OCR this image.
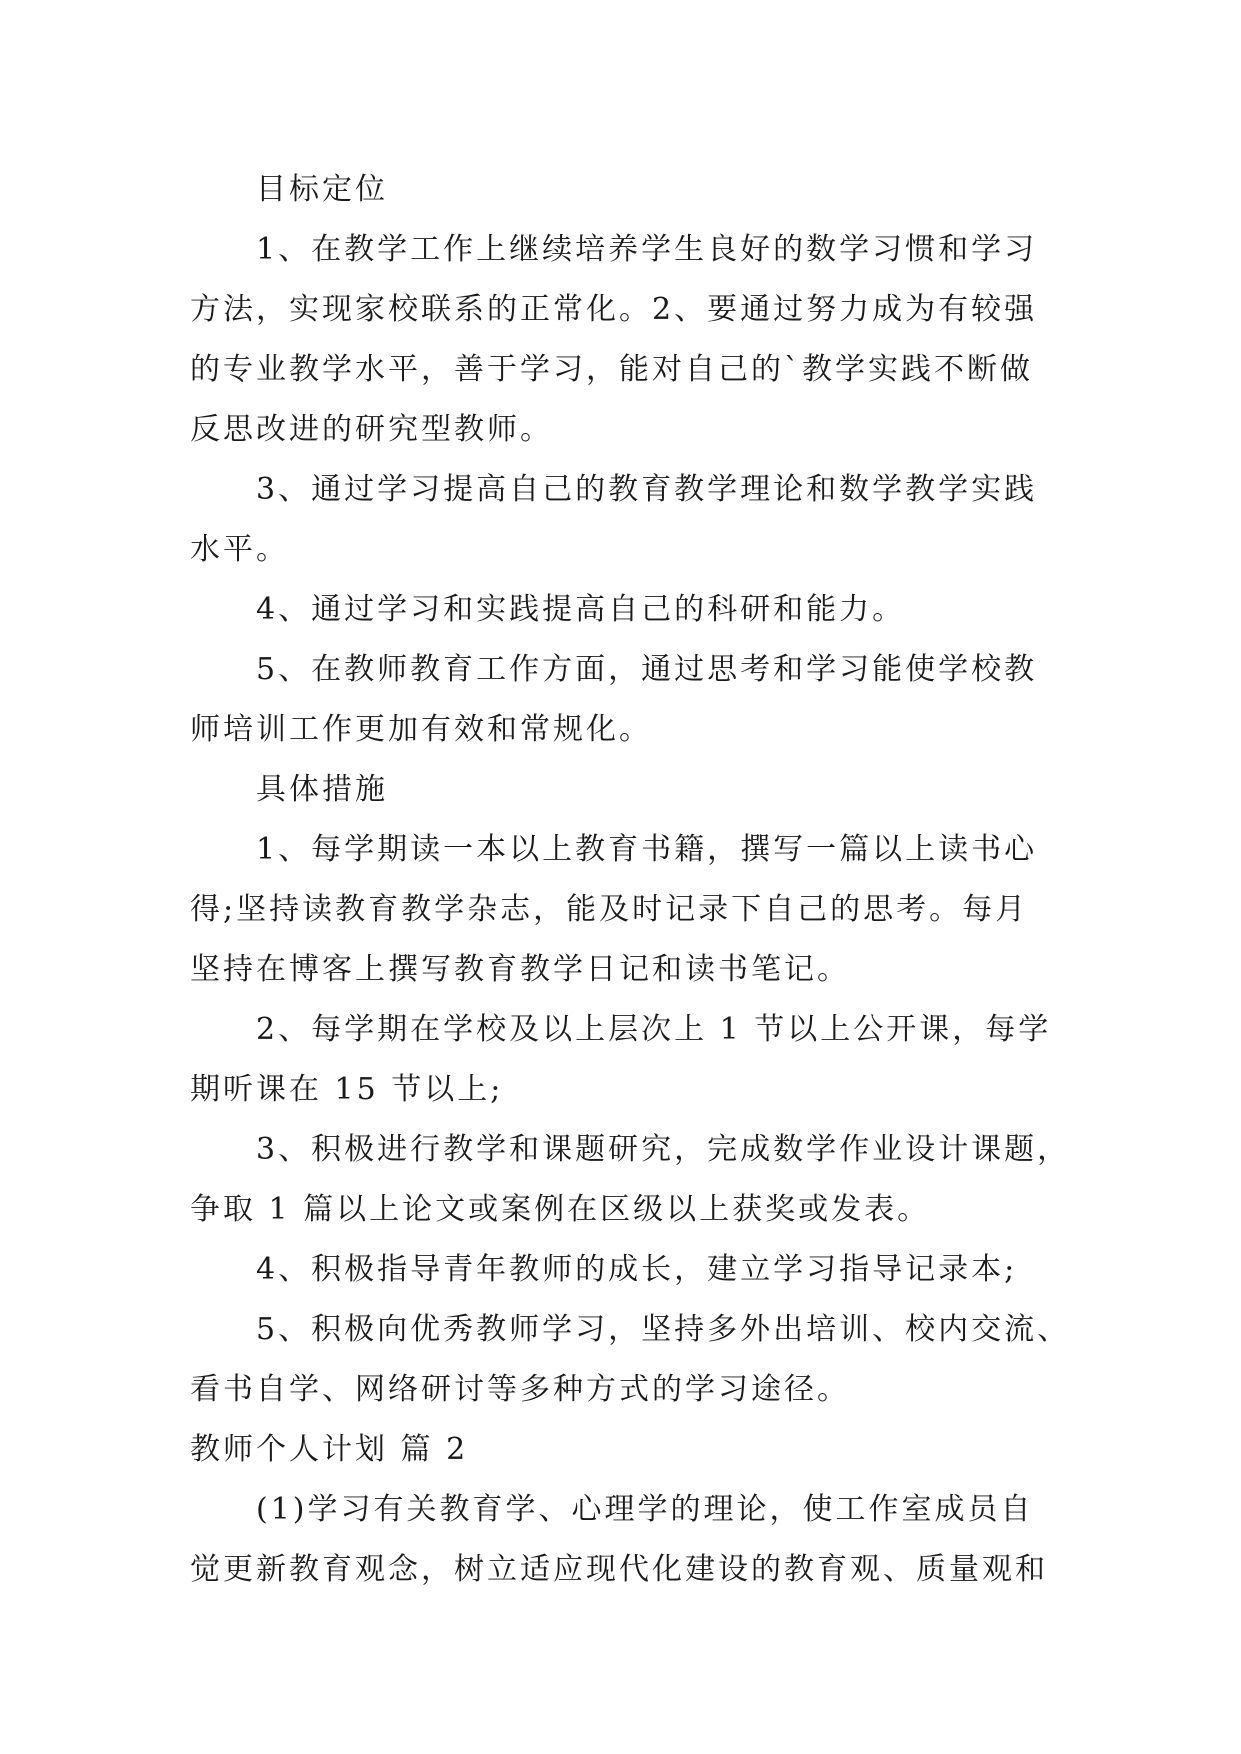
目标定位
1、在教学工作上继续培养学生良好的数学习惯和学习
方法，实现家校联系的正常化。2、要通过努力成为有较强
的专业教学水平，善于学习，能对自己的`教学实践不断做
反思改进的研究型教师。
3、通过学习提高自己的教育教学理论和数学教学实践
水平。
4、通过学习和实践提高自己的科研和能力。
5、在教师教育工作方面，通过思考和学习能使学校教
师培训工作更加有效和常规化。
具体措施
1、每学期读一本以上教育书籍，撰写一篇以上读书心
得;坚持读教育教学杂志，能及时记录下自己的思考。每月
坚持在博客上撰写教育教学日记和读书笔记。
2、每学期在学校及以上层次上 1 节以上公开课，每学
期听课在 15 节以上;
3、积极进行教学和课题研究，完成数学作业设计课题，
争取 1 篇以上论文或案例在区级以上获奖或发表。
4、积极指导青年教师的成长，建立学习指导记录本;
5、积极向优秀教师学习，坚持多外出培训、校内交流、
看书自学、网络研讨等多种方式的学习途径。
教师个人计划 篇 2
(1)学习有关教育学、心理学的理论，使工作室成员自
觉更新教育观念，树立适应现代化建设的教育观、质量观和
